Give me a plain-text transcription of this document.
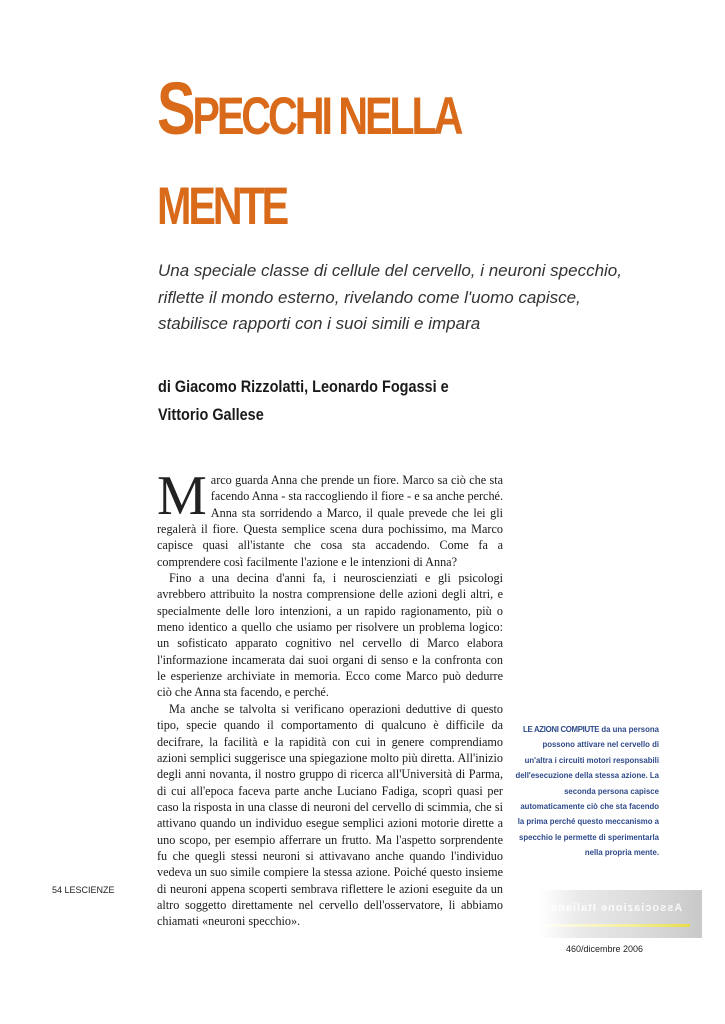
SPECCHI NELLA
MENTE

Una speciale classe di cellule del cervello, i neuroni specchio, riflette il mondo esterno, rivelando come l'uomo capisce, stabilisce rapporti con i suoi simili e impara

di Giacomo Rizzolatti, Leonardo Fogassi e
Vittorio Gallese

Marco guarda Anna che prende un fiore. Marco sa ciò che sta facendo Anna - sta raccogliendo il fiore - e sa anche perché. Anna sta sorridendo a Marco, il quale prevede che lei gli regalerà il fiore. Questa semplice scena dura pochissimo, ma Marco capisce quasi all'istante che cosa sta accadendo. Come fa a comprendere così facilmente l'azione e le intenzioni di Anna?

Fino a una decina d'anni fa, i neuroscienziati e gli psicologi avrebbero attribuito la nostra comprensione delle azioni degli altri, e specialmente delle loro intenzioni, a un rapido ragionamento, più o meno identico a quello che usiamo per risolvere un problema logico: un sofisticato apparato cognitivo nel cervello di Marco elabora l'informazione incamerata dai suoi organi di senso e la confronta con le esperienze archiviate in memoria. Ecco come Marco può dedurre ciò che Anna sta facendo, e perché.

Ma anche se talvolta si verificano operazioni deduttive di questo tipo, specie quando il comportamento di qualcuno è difficile da decifrare, la facilità e la rapidità con cui in genere comprendiamo azioni semplici suggerisce una spiegazione molto più diretta. All'inizio degli anni novanta, il nostro gruppo di ricerca all'Università di Parma, di cui all'epoca faceva parte anche Luciano Fadiga, scoprì quasi per caso la risposta in una classe di neuroni del cervello di scimmia, che si attivano quando un individuo esegue semplici azioni motorie dirette a uno scopo, per esempio afferrare un frutto. Ma l'aspetto sorprendente fu che quegli stessi neuroni si attivavano anche quando l'individuo vedeva un suo simile compiere la stessa azione. Poiché questo insieme di neuroni appena scoperti sembrava riflettere le azioni eseguite da un altro soggetto direttamente nel cervello dell'osservatore, li abbiamo chiamati «neuroni specchio».

LE AZIONI COMPIUTE da una persona possono attivare nel cervello di un'altra i circuiti motori responsabili dell'esecuzione della stessa azione. La seconda persona capisce automaticamente ciò che sta facendo la prima perché questo meccanismo a specchio le permette di sperimentarla nella propria mente.
54 LESCIENZE
Associazione Italiana
460/dicembre 2006
